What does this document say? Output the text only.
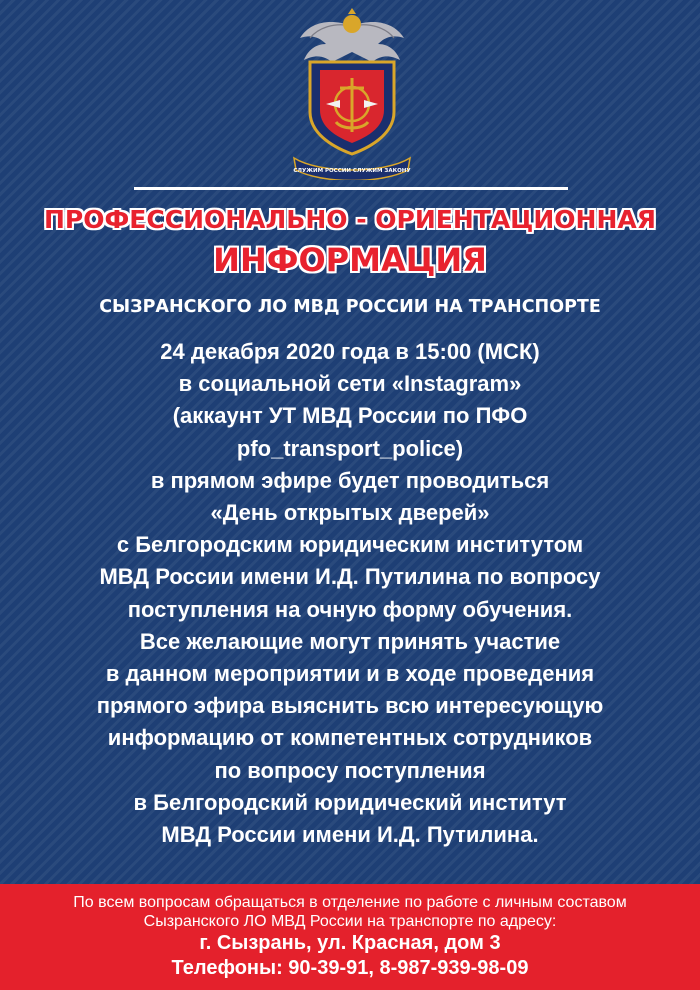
СЛУЖИМ РОССИИ СЛУЖИМ ЗАКОНУ
ПРОФЕССИОНАЛЬНО - ОРИЕНТАЦИОННАЯ
ИНФОРМАЦИЯ
СЫЗРАНСКОГО ЛО МВД РОССИИ НА ТРАНСПОРТЕ
24 декабря 2020 года в 15:00 (МСК)
в социальной сети «Instagram»
(аккаунт УТ МВД России по ПФО
pfo_transport_police)
в прямом эфире будет проводиться
«День открытых дверей»
с Белгородским юридическим институтом
МВД России имени И.Д. Путилина по вопросу
поступления на очную форму обучения.
Все желающие могут принять участие
в данном мероприятии и в ходе проведения
прямого эфира выяснить всю интересующую
информацию от компетентных сотрудников
по вопросу поступления
в Белгородский юридический институт
МВД России имени И.Д. Путилина.
По всем вопросам обращаться в отделение по работе с личным составом
Сызранского ЛО МВД России на транспорте по адресу:
г. Сызрань, ул. Красная, дом 3
Телефоны: 90-39-91, 8-987-939-98-09
